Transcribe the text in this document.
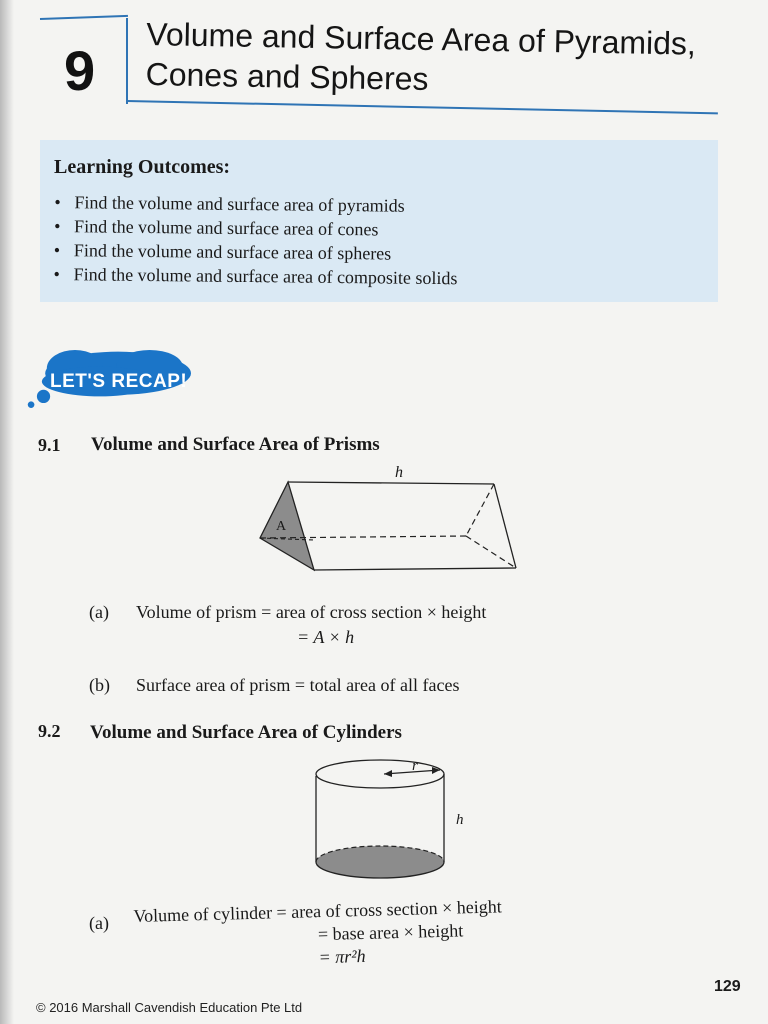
9
Volume and Surface Area of Pyramids,
Cones and Spheres
Learning Outcomes:
• Find the volume and surface area of pyramids
• Find the volume and surface area of cones
• Find the volume and surface area of spheres
• Find the volume and surface area of composite solids
LET'S RECAP!
9.1 Volume and Surface Area of Prisms
h
A
(a) Volume of prism = area of cross section × height
= A × h
(b) Surface area of prism = total area of all faces
9.2 Volume and Surface Area of Cylinders
r
h
(a) Volume of cylinder = area of cross section × height
= base area × height
= πr²h
129
© 2016 Marshall Cavendish Education Pte Ltd
